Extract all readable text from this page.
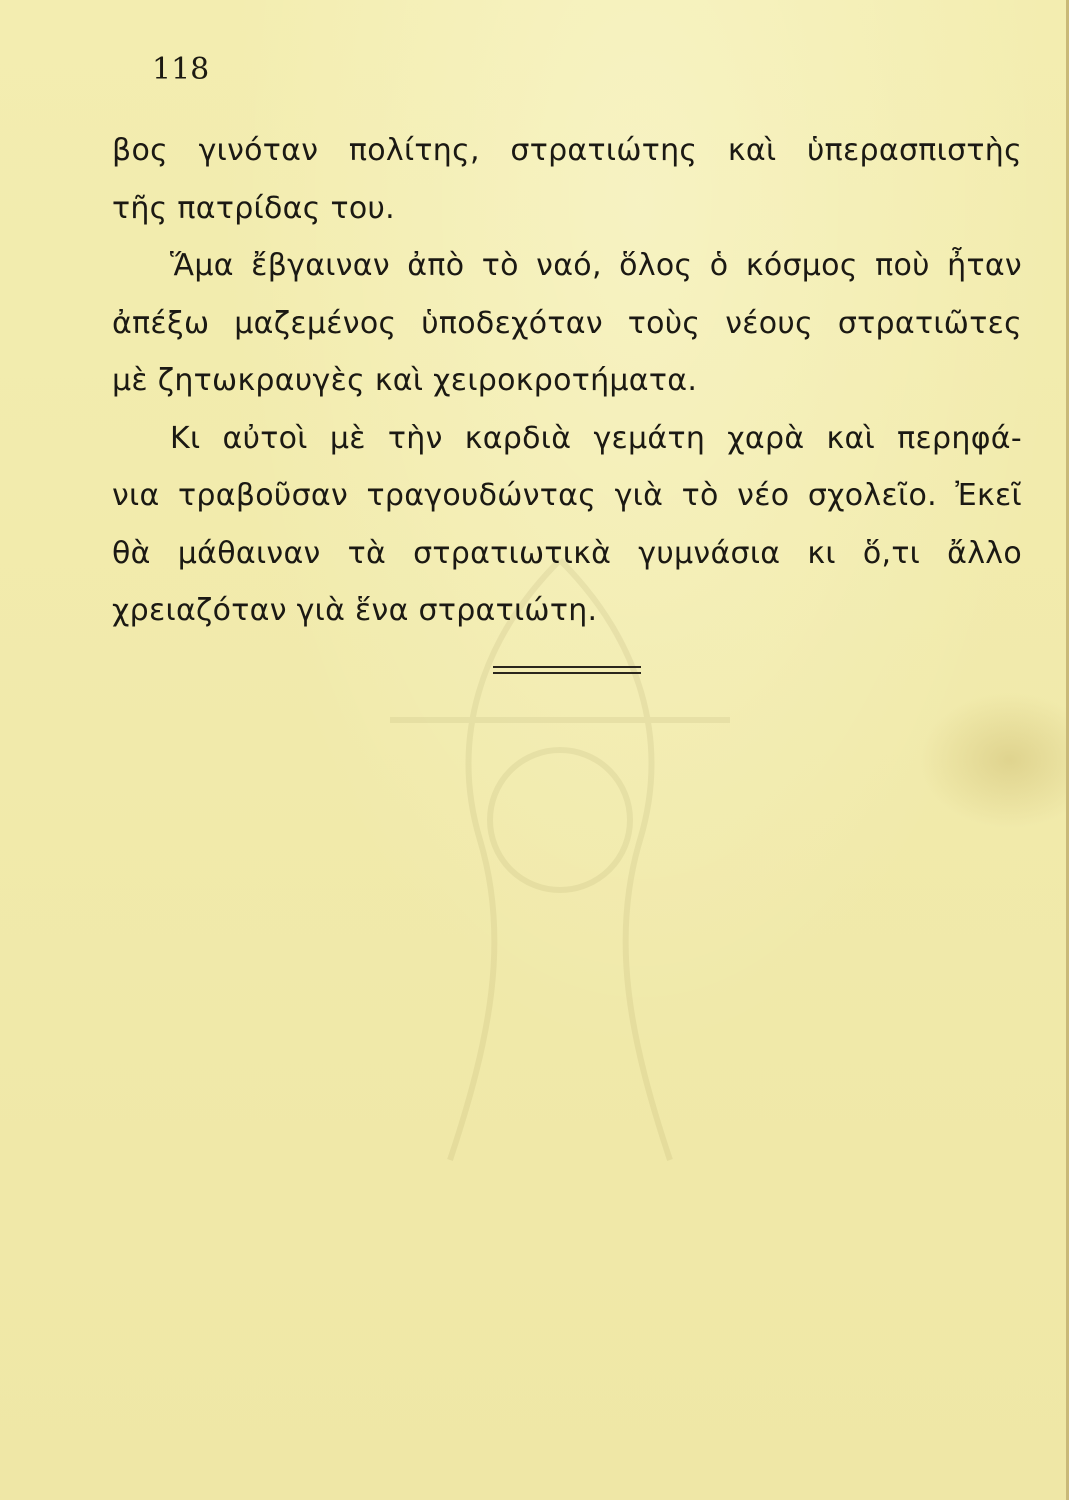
118
βος γινόταν πολίτης, στρατιώτης καὶ ὑπερασπιστὴς
τῆς πατρίδας του.
Ἅμα ἔβγαιναν ἀπὸ τὸ ναό, ὅλος ὁ κόσμος ποὺ ἦταν
ἀπέξω μαζεμένος ὑποδεχόταν τοὺς νέους στρατιῶτες
μὲ ζητωκραυγὲς καὶ χειροκροτήματα.
Κι αὐτοὶ μὲ τὴν καρδιὰ γεμάτη χαρὰ καὶ περηφά-
νια τραβοῦσαν τραγουδώντας γιὰ τὸ νέο σχολεῖο. Ἐκεῖ
θὰ μάθαιναν τὰ στρατιωτικὰ γυμνάσια κι ὅ,τι ἄλλο
χρειαζόταν γιὰ ἕνα στρατιώτη.
